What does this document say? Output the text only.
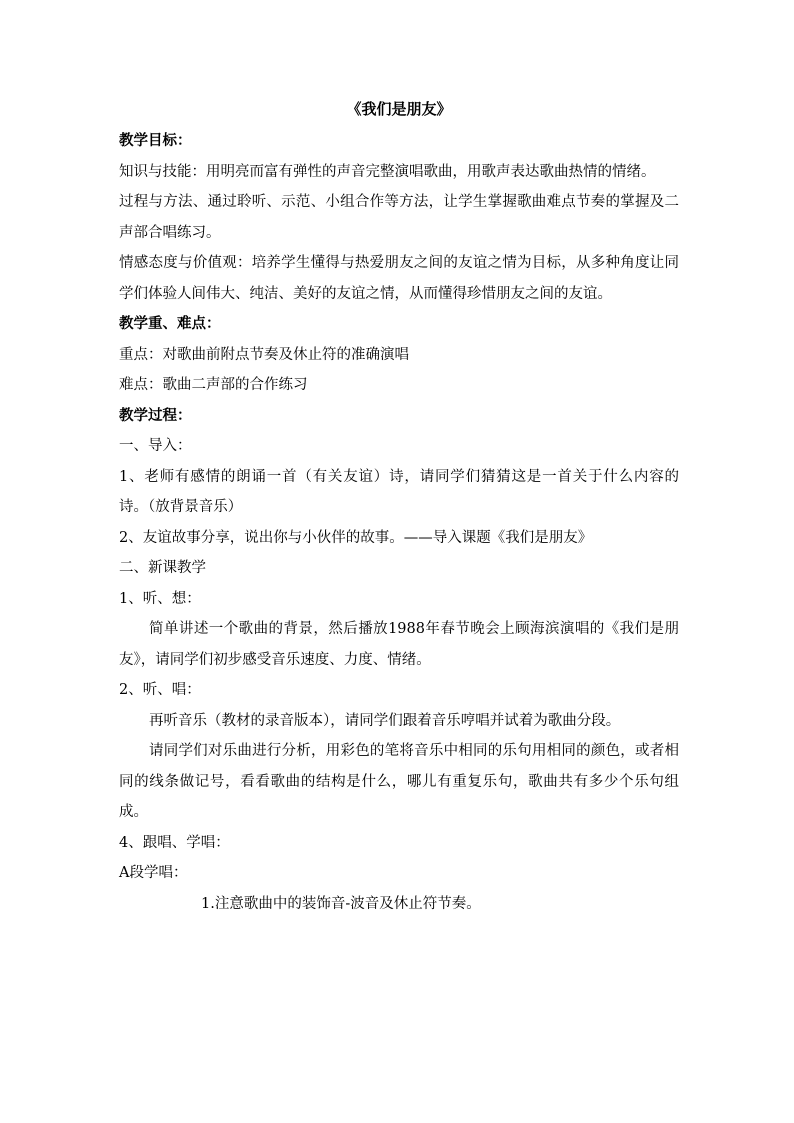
《我们是朋友》
教学目标：
知识与技能：用明亮而富有弹性的声音完整演唱歌曲，用歌声表达歌曲热情的情绪。
过程与方法、通过聆听、示范、小组合作等方法，让学生掌握歌曲难点节奏的掌握及二声部合唱练习。
情感态度与价值观：培养学生懂得与热爱朋友之间的友谊之情为目标，从多种角度让同学们体验人间伟大、纯洁、美好的友谊之情，从而懂得珍惜朋友之间的友谊。
教学重、难点：
重点：对歌曲前附点节奏及休止符的准确演唱
难点：歌曲二声部的合作练习
教学过程：
一、导入：
1、老师有感情的朗诵一首（有关友谊）诗，请同学们猜猜这是一首关于什么内容的诗。（放背景音乐）
2、友谊故事分享，说出你与小伙伴的故事。——导入课题《我们是朋友》
二、新课教学
1、听、想：
简单讲述一个歌曲的背景，然后播放1988年春节晚会上顾海滨演唱的《我们是朋友》，请同学们初步感受音乐速度、力度、情绪。
2、听、唱：
再听音乐（教材的录音版本），请同学们跟着音乐哼唱并试着为歌曲分段。
请同学们对乐曲进行分析，用彩色的笔将音乐中相同的乐句用相同的颜色，或者相同的线条做记号，看看歌曲的结构是什么，哪儿有重复乐句，歌曲共有多少个乐句组成。
4、跟唱、学唱：
A段学唱：
1.注意歌曲中的装饰音-波音及休止符节奏。
